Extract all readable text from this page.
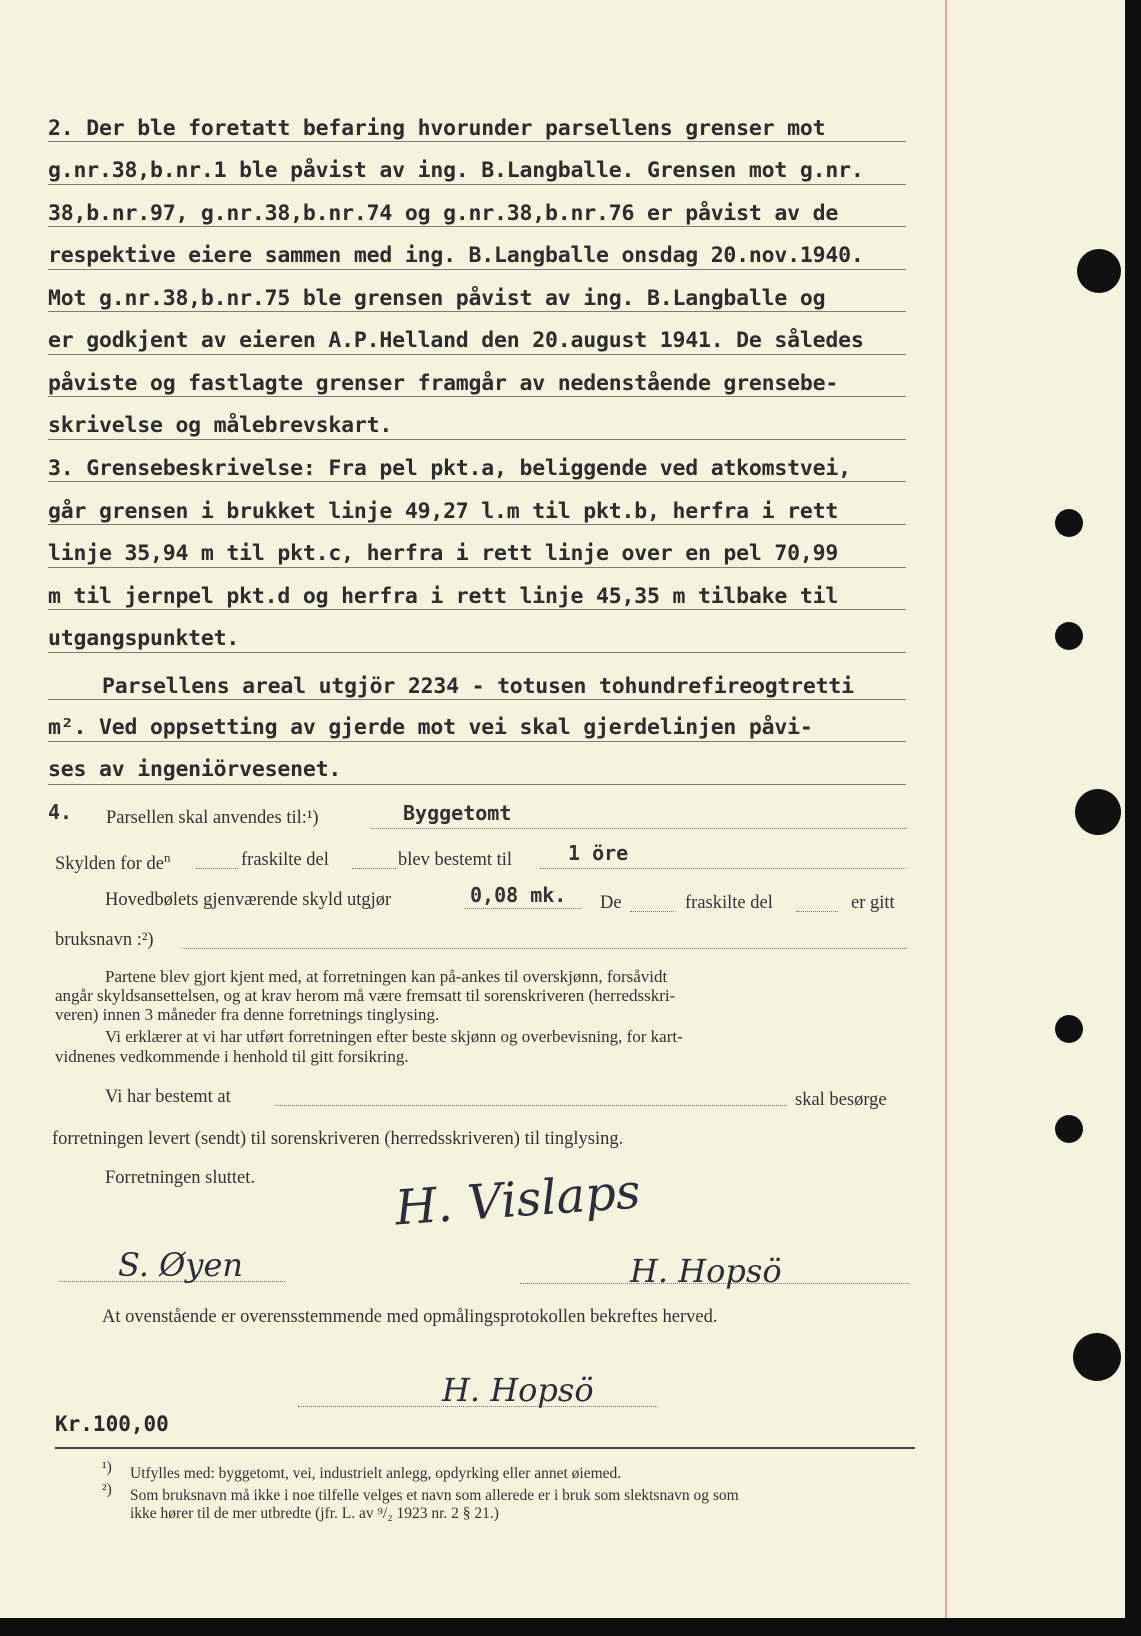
2. Der ble foretatt befaring hvorunder parsellens grenser mot
g.nr.38,b.nr.1 ble påvist av ing. B.Langballe. Grensen mot g.nr.
38,b.nr.97, g.nr.38,b.nr.74 og g.nr.38,b.nr.76 er påvist av de
respektive eiere sammen med ing. B.Langballe onsdag 20.nov.1940.
Mot g.nr.38,b.nr.75 ble grensen påvist av ing. B.Langballe og
er godkjent av eieren A.P.Helland den 20.august 1941. De således
påviste og fastlagte grenser framgår av nedenstående grensebe-
skrivelse og målebrevskart.
3. Grensebeskrivelse: Fra pel pkt.a, beliggende ved atkomstvei,
går grensen i brukket linje 49,27 l.m til pkt.b, herfra i rett
linje 35,94 m til pkt.c, herfra i rett linje over en pel 70,99
m til jernpel pkt.d og herfra i rett linje 45,35 m tilbake til
utgangspunktet.
Parsellens areal utgjör 2234 - totusen tohundrefireogtretti
m². Ved oppsetting av gjerde mot vei skal gjerdelinjen påvi-
ses av ingeniörvesenet.
4. Parsellen skal anvendes til:¹)	Byggetomt
Skylden for $de^n$	fraskilte del	blev bestemt til	1 öre
Hovedbølets gjenværende skyld utgjør	0,08 mk. De	fraskilte del	er gitt
bruksnavn :²)
Partene blev gjort kjent med, at forretningen kan på-ankes til overskjønn, forsåvidt
angår skyldsansettelsen, og at krav herom må være fremsatt til sorenskriveren (herredsskri-
veren) innen 3 måneder fra denne forretnings tinglysing.
Vi erklærer at vi har utført forretningen efter beste skjønn og overbevisning, for kart-
vidnenes vedkommende i henhold til gitt forsikring.
Vi har bestemt at	skal besørge
forretningen levert (sendt) til sorenskriveren (herredsskriveren) til tinglysing.
Forretningen sluttet.	H. Vislaps
S. Øyen	H. Hopsö
At ovenstående er overensstemmende med opmålingsprotokollen bekreftes herved.
H. Hopsö
Kr.100,00
¹) Utfylles med: byggetomt, vei, industrielt anlegg, opdyrking eller annet øiemed.
²) Som bruksnavn må ikke i noe tilfelle velges et navn som allerede er i bruk som slektsnavn og som
ikke hører til de mer utbredte (jfr. L. av ⁹/₂ 1923 nr. 2 § 21.)
